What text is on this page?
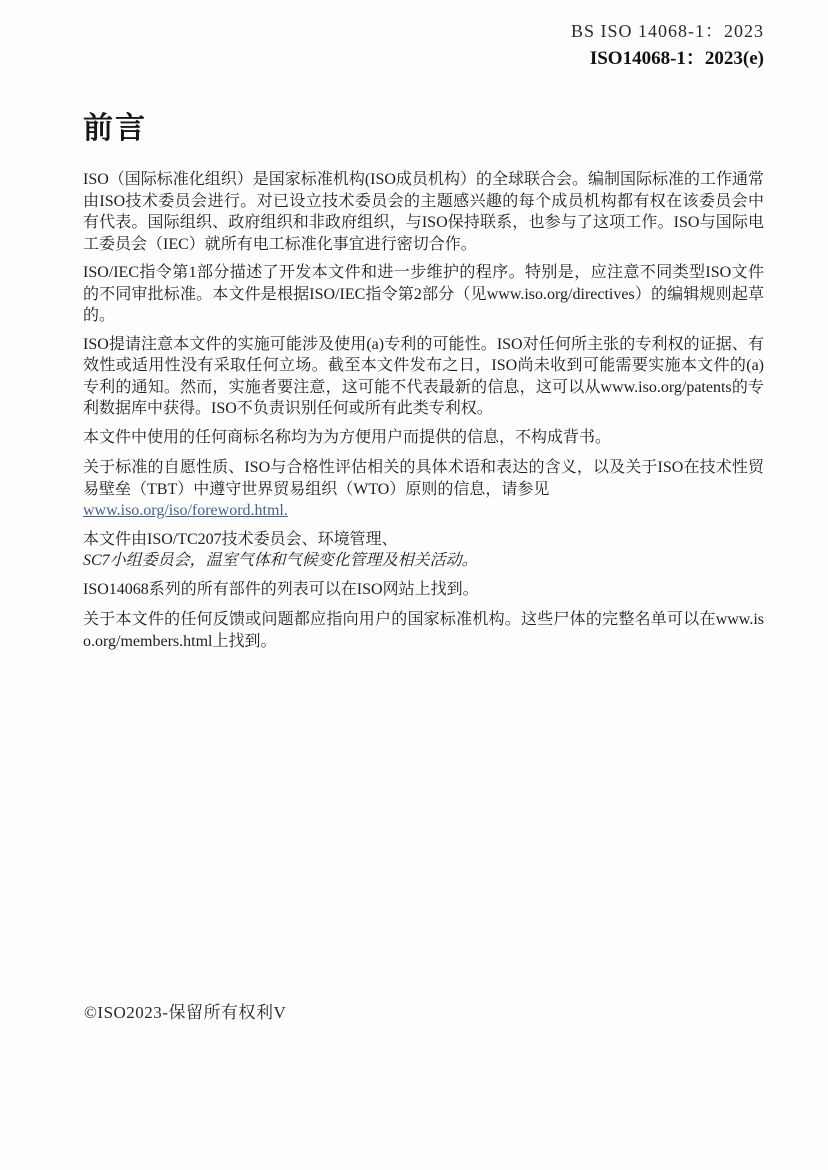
BS ISO 14068-1：2023
ISO14068-1：2023(e)
前言

ISO（国际标准化组织）是国家标准机构(ISO成员机构）的全球联合会。编制国际标准的工作通常由ISO技术委员会进行。对已设立技术委员会的主题感兴趣的每个成员机构都有权在该委员会中有代表。国际组织、政府组织和非政府组织，与ISO保持联系，也参与了这项工作。ISO与国际电工委员会（IEC）就所有电工标准化事宜进行密切合作。

ISO/IEC指令第1部分描述了开发本文件和进一步维护的程序。特别是，应注意不同类型ISO文件的不同审批标准。本文件是根据ISO/IEC指令第2部分（见www.iso.org/directives）的编辑规则起草的。

ISO提请注意本文件的实施可能涉及使用(a)专利的可能性。ISO对任何所主张的专利权的证据、有效性或适用性没有采取任何立场。截至本文件发布之日，ISO尚未收到可能需要实施本文件的(a)专利的通知。然而，实施者要注意，这可能不代表最新的信息，这可以从www.iso.org/patents的专利数据库中获得。ISO不负责识别任何或所有此类专利权。

本文件中使用的任何商标名称均为为方便用户而提供的信息，不构成背书。

关于标准的自愿性质、ISO与合格性评估相关的具体术语和表达的含义，以及关于ISO在技术性贸易壁垒（TBT）中遵守世界贸易组织（WTO）原则的信息，请参见
www.iso.org/iso/foreword.html.

本文件由ISO/TC207技术委员会、环境管理、
SC7小组委员会，温室气体和气候变化管理及相关活动。

ISO14068系列的所有部件的列表可以在ISO网站上找到。

关于本文件的任何反馈或问题都应指向用户的国家标准机构。这些尸体的完整名单可以在www.iso.org/members.html上找到。

©ISO2023-保留所有权利V
